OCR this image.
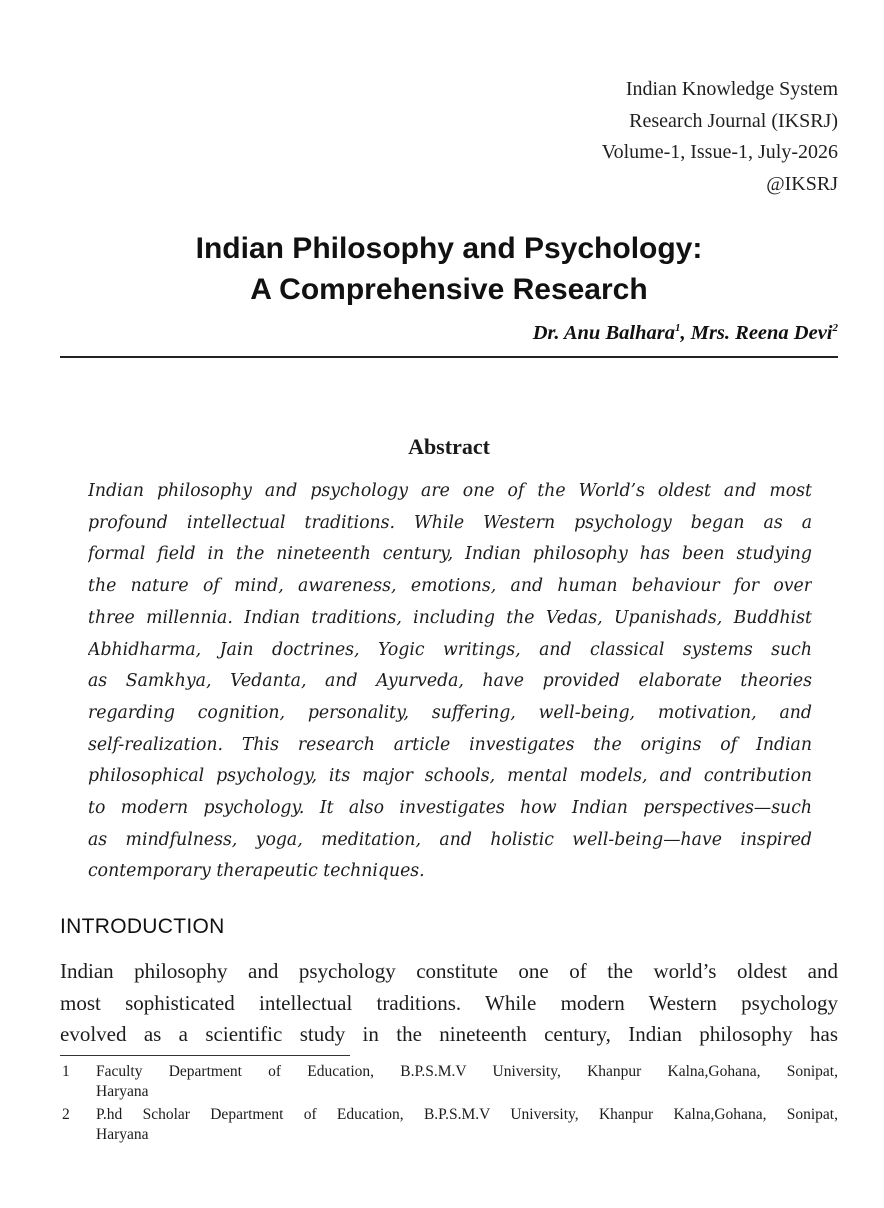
Indian Knowledge System
Research Journal (IKSRJ)
Volume-1, Issue-1, July-2026
@IKSRJ
Indian Philosophy and Psychology:
A Comprehensive Research
Dr. Anu Balhara$^1$, Mrs. Reena Devi$^2$
Abstract
Indian philosophy and psychology are one of the World’s oldest and most
profound intellectual traditions. While Western psychology began as a
formal field in the nineteenth century, Indian philosophy has been studying
the nature of mind, awareness, emotions, and human behaviour for over
three millennia. Indian traditions, including the Vedas, Upanishads, Buddhist
Abhidharma, Jain doctrines, Yogic writings, and classical systems such
as Samkhya, Vedanta, and Ayurveda, have provided elaborate theories
regarding cognition, personality, suffering, well-being, motivation, and
self-realization. This research article investigates the origins of Indian
philosophical psychology, its major schools, mental models, and contribution
to modern psychology. It also investigates how Indian perspectives—such
as mindfulness, yoga, meditation, and holistic well-being—have inspired
contemporary therapeutic techniques.
INTRODUCTION
Indian philosophy and psychology constitute one of the world’s oldest and
most sophisticated intellectual traditions. While modern Western psychology
evolved as a scientific study in the nineteenth century, Indian philosophy has
1 Faculty Department of Education, B.P.S.M.V University, Khanpur Kalna,Gohana, Sonipat,
Haryana
2 P.hd Scholar Department of Education, B.P.S.M.V University, Khanpur Kalna,Gohana, Sonipat,
Haryana
